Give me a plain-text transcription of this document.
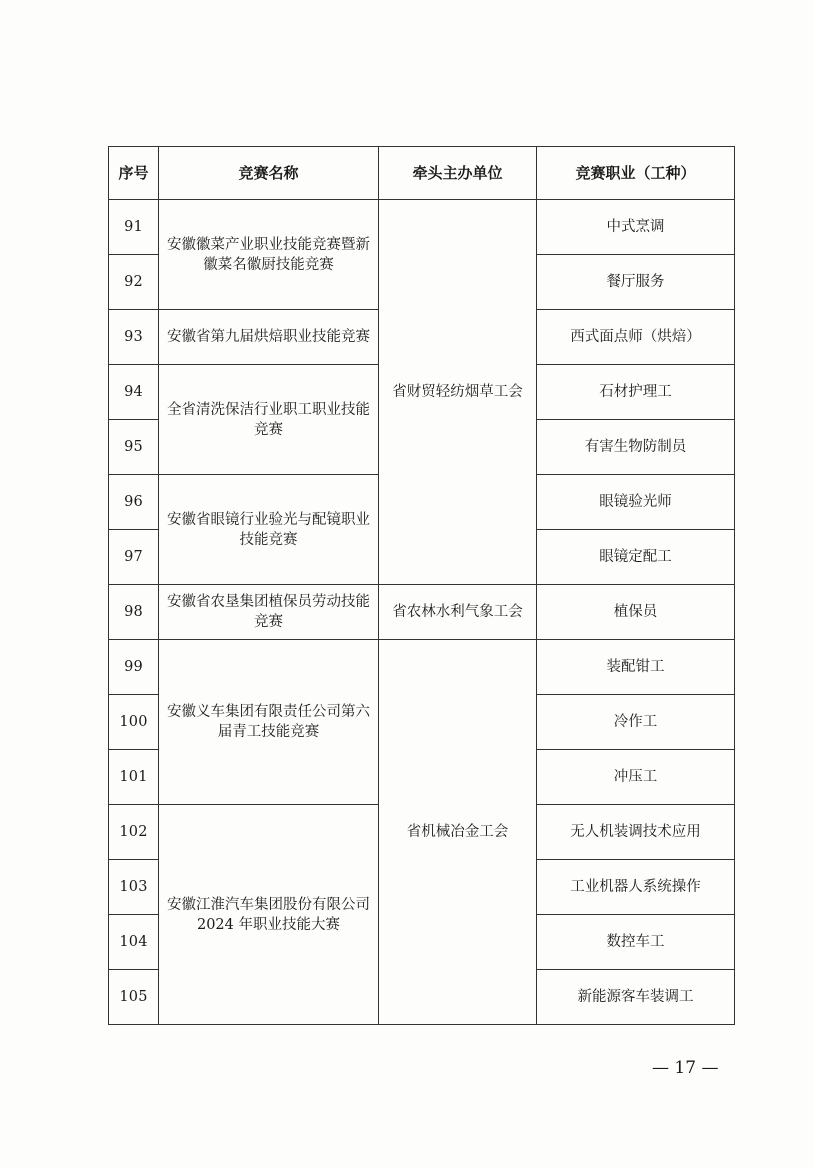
序号	竞赛名称	牵头主办单位	竞赛职业（工种）
91	安徽徽菜产业职业技能竞赛暨新徽菜名徽厨技能竞赛	省财贸轻纺烟草工会	中式烹调
92			餐厅服务
93	安徽省第九届烘焙职业技能竞赛		西式面点师（烘焙）
94	全省清洗保洁行业职工职业技能竞赛		石材护理工
95			有害生物防制员
96	安徽省眼镜行业验光与配镜职业技能竞赛		眼镜验光师
97			眼镜定配工
98	安徽省农垦集团植保员劳动技能竞赛	省农林水利气象工会	植保员
99	安徽义车集团有限责任公司第六届青工技能竞赛	省机械冶金工会	装配钳工
100			冷作工
101			冲压工
102	安徽江淮汽车集团股份有限公司 2024 年职业技能大赛		无人机装调技术应用
103			工业机器人系统操作
104			数控车工
105			新能源客车装调工
— 17 —
